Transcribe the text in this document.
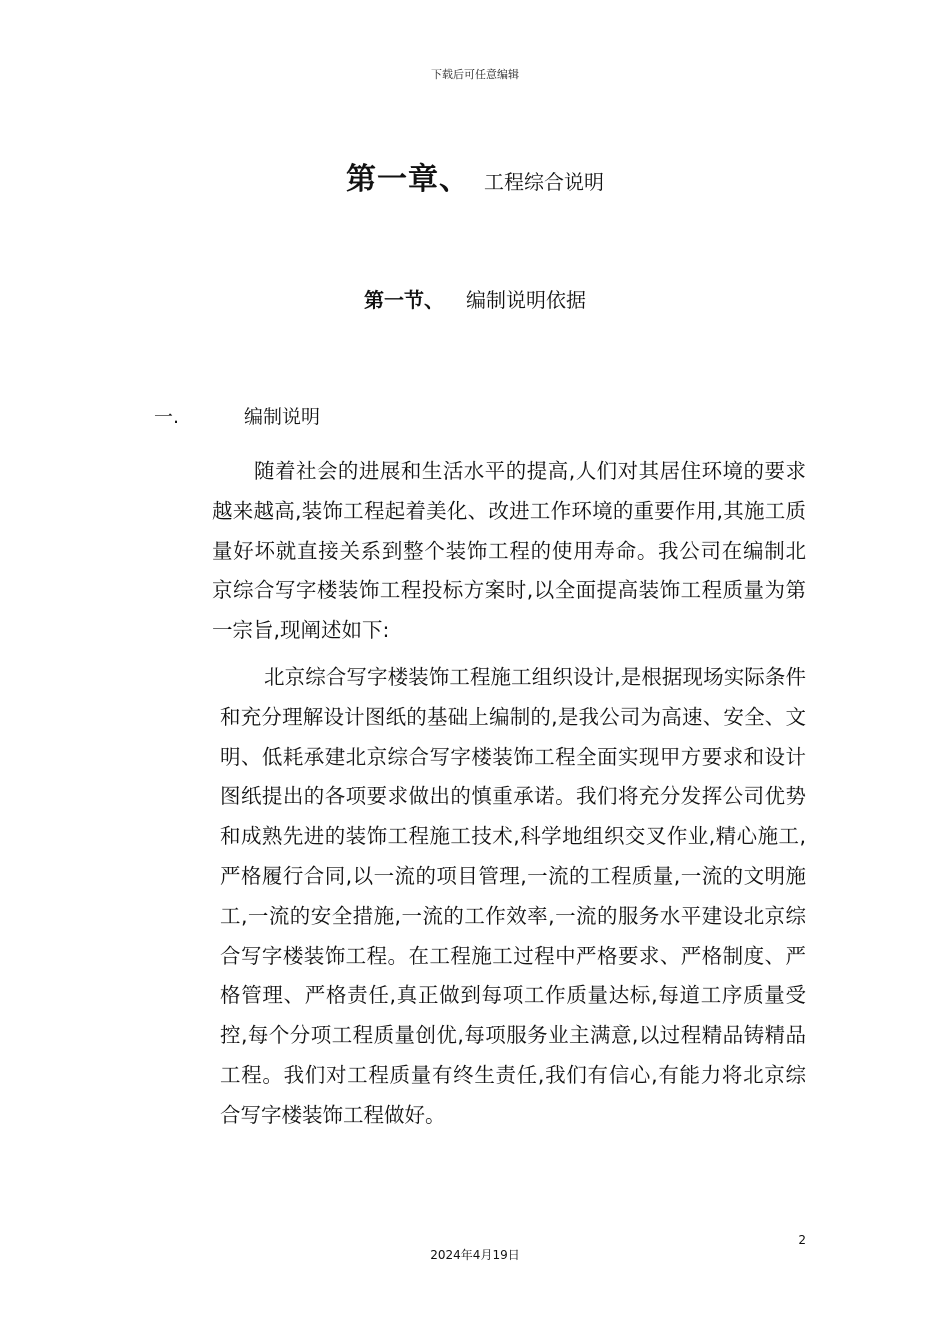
下载后可任意编辑
第一章、 工程综合说明
第一节、 编制说明依据
一.	编制说明

随着社会的进展和生活水平的提高,人们对其居住环境的要求越来越高,装饰工程起着美化、改进工作环境的重要作用,其施工质量好坏就直接关系到整个装饰工程的使用寿命。我公司在编制北京综合写字楼装饰工程投标方案时,以全面提高装饰工程质量为第一宗旨,现阐述如下:

北京综合写字楼装饰工程施工组织设计,是根据现场实际条件和充分理解设计图纸的基础上编制的,是我公司为高速、安全、文明、低耗承建北京综合写字楼装饰工程全面实现甲方要求和设计图纸提出的各项要求做出的慎重承诺。我们将充分发挥公司优势和成熟先进的装饰工程施工技术,科学地组织交叉作业,精心施工,严格履行合同,以一流的项目管理,一流的工程质量,一流的文明施工,一流的安全措施,一流的工作效率,一流的服务水平建设北京综合写字楼装饰工程。在工程施工过程中严格要求、严格制度、严格管理、严格责任,真正做到每项工作质量达标,每道工序质量受控,每个分项工程质量创优,每项服务业主满意,以过程精品铸精品工程。我们对工程质量有终生责任,我们有信心,有能力将北京综合写字楼装饰工程做好。

2
2024年4月19日
